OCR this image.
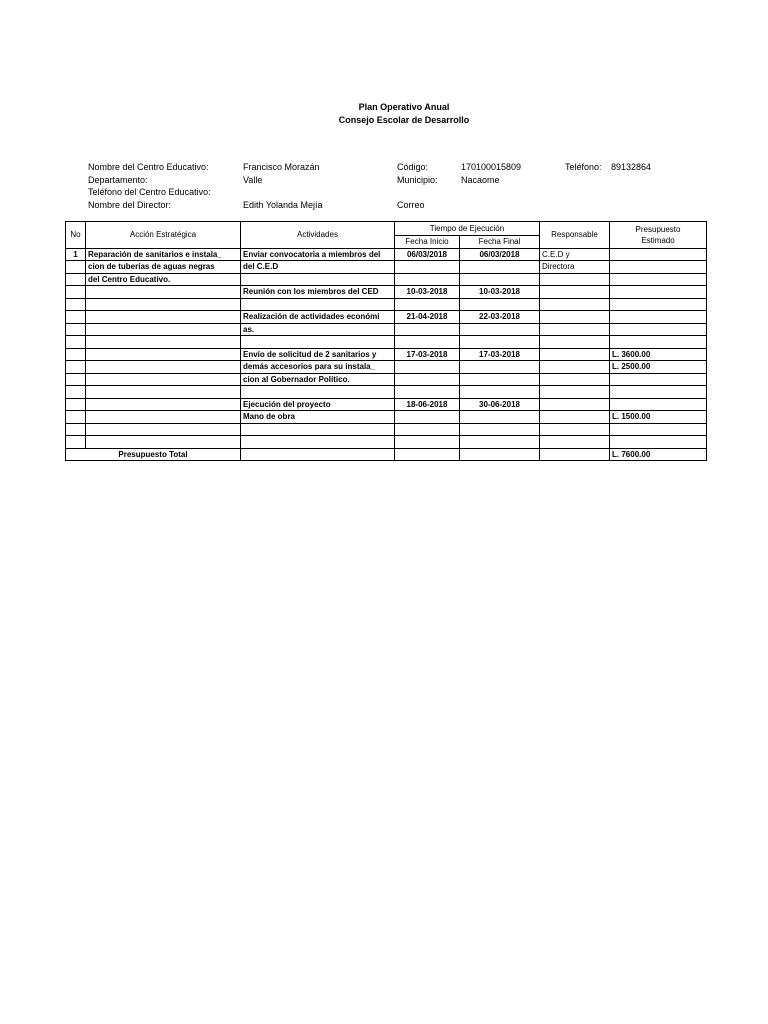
Plan Operativo Anual
Consejo Escolar de Desarrollo
Nombre del Centro Educativo:	Francisco Morazán	Código:	170100015809	Teléfono: 89132864
Departamento:	Valle	Municipio:	Nacaome
Teléfono del Centro Educativo:
Nombre del Director:	Edith Yolanda Mejía	Correo
No	Acción Estratégica	Actividades	Tiempo de Ejecución		Responsable	Presupuesto
Estimado

			Fecha Inicio	Fecha Final		
1	Reparación de sanitarios e instala_	Enviar convocatoria a miembros del	06/03/2018	06/03/2018	C.E.D y	
	cion de tuberías de aguas negras	del C.E.D			Directora	
	del Centro Educativo.					
		Reunión con los miembros del CED	10-03-2018	10-03-2018		

		Realización de actividades económi	21-04-2018	22-03-2018		
		as.				

		Envío de solicitud de 2 sanitarios y	17-03-2018	17-03-2018		L. 3600.00
		demás accesorios para su instala_				L. 2500.00
		cion al Gobernador Político.				

		Ejecución del proyecto	18-06-2018	30-06-2018		
		Mano de obra				L. 1500.00

Presupuesto Total						L. 7600.00
